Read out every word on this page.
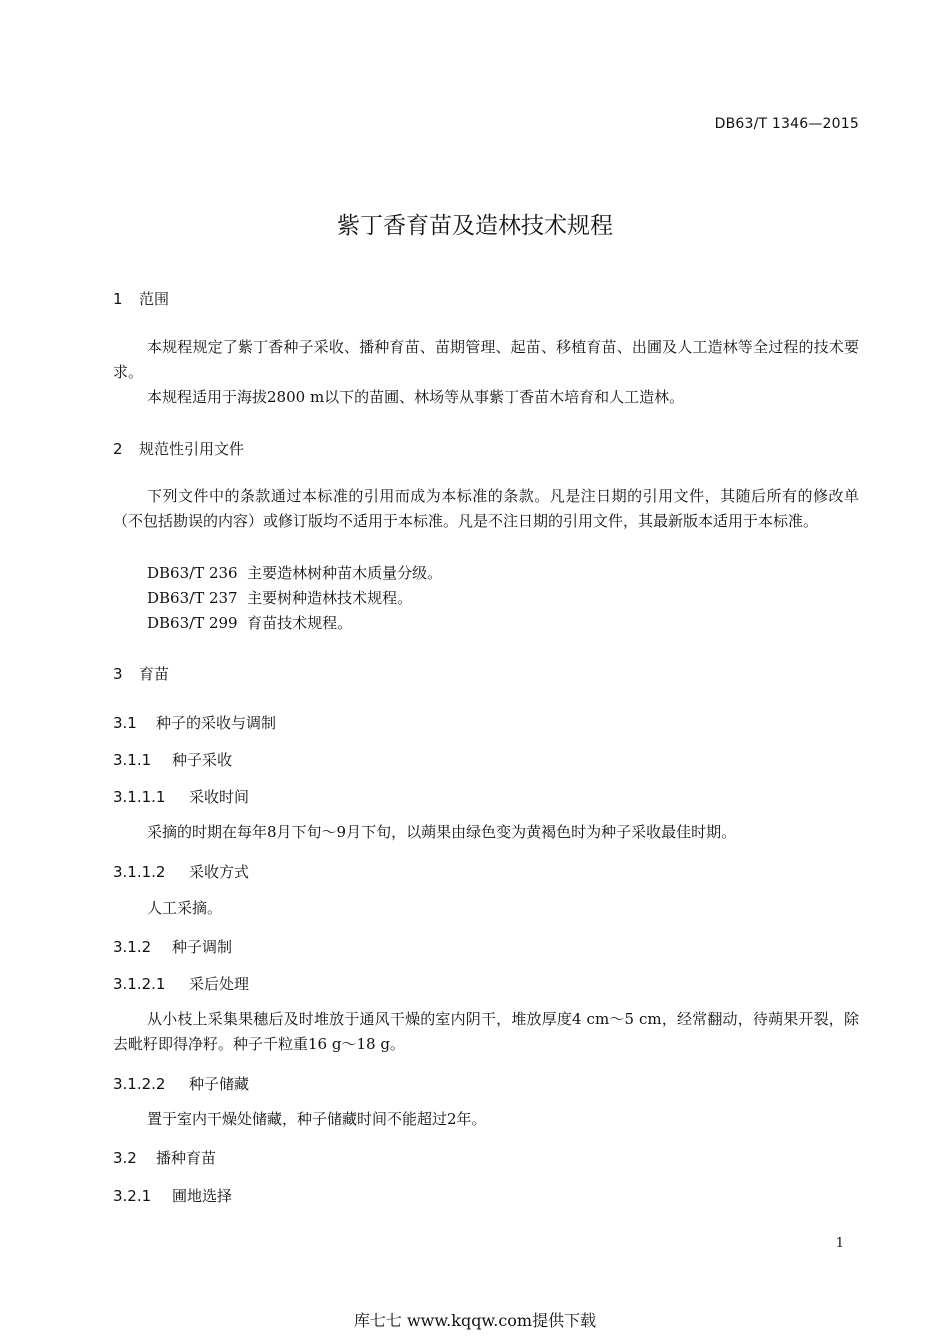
DB63/T 1346—2015
紫丁香育苗及造林技术规程
1 范围
本规程规定了紫丁香种子采收、播种育苗、苗期管理、起苗、移植育苗、出圃及人工造林等全过程的技术要求。
本规程适用于海拔2800 m以下的苗圃、林场等从事紫丁香苗木培育和人工造林。
2 规范性引用文件
下列文件中的条款通过本标准的引用而成为本标准的条款。凡是注日期的引用文件，其随后所有的修改单（不包括勘误的内容）或修订版均不适用于本标准。凡是不注日期的引用文件，其最新版本适用于本标准。
DB63/T 236  主要造林树种苗木质量分级。
DB63/T 237  主要树种造林技术规程。
DB63/T 299  育苗技术规程。
3 育苗
3.1 种子的采收与调制
3.1.1 种子采收
3.1.1.1 采收时间
采摘的时期在每年8月下旬～9月下旬，以蒴果由绿色变为黄褐色时为种子采收最佳时期。
3.1.1.2 采收方式
人工采摘。
3.1.2 种子调制
3.1.2.1 采后处理
从小枝上采集果穗后及时堆放于通风干燥的室内阴干，堆放厚度4 cm～5 cm，经常翻动，待蒴果开裂，除去毗籽即得净籽。种子千粒重16 g～18 g。
3.1.2.2 种子储藏
置于室内干燥处储藏，种子储藏时间不能超过2年。
3.2 播种育苗
3.2.1 圃地选择
1
库七七 www.kqqw.com提供下载
